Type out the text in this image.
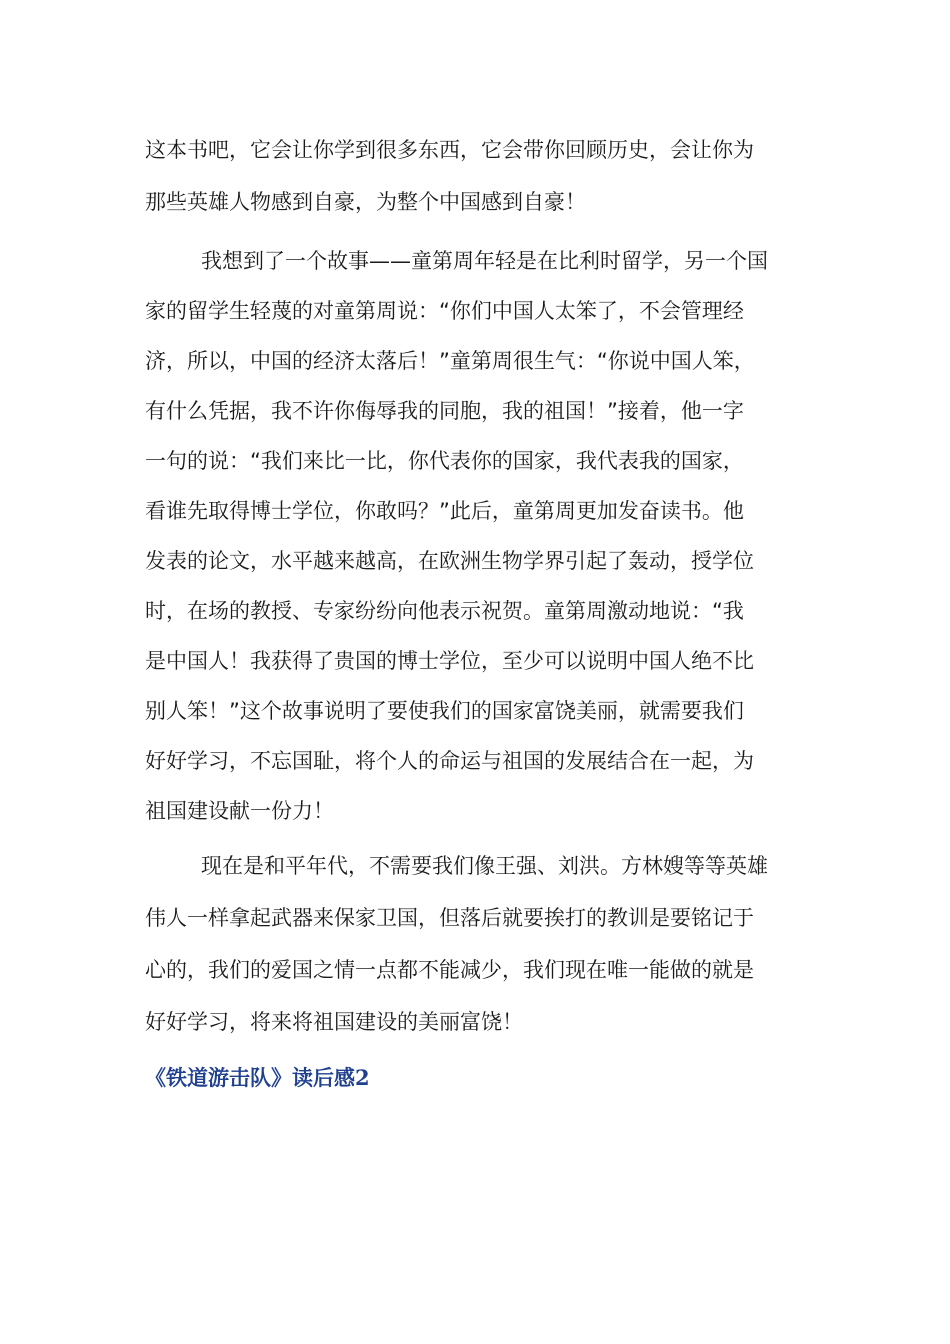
这本书吧，它会让你学到很多东西，它会带你回顾历史，会让你为
那些英雄人物感到自豪，为整个中国感到自豪！
我想到了一个故事——童第周年轻是在比利时留学，另一个国
家的留学生轻蔑的对童第周说：“你们中国人太笨了，不会管理经
济，所以，中国的经济太落后！”童第周很生气：“你说中国人笨，
有什么凭据，我不许你侮辱我的同胞，我的祖国！”接着，他一字
一句的说：“我们来比一比，你代表你的国家，我代表我的国家，
看谁先取得博士学位，你敢吗？”此后，童第周更加发奋读书。他
发表的论文，水平越来越高，在欧洲生物学界引起了轰动，授学位
时，在场的教授、专家纷纷向他表示祝贺。童第周激动地说：“我
是中国人！我获得了贵国的博士学位，至少可以说明中国人绝不比
别人笨！”这个故事说明了要使我们的国家富饶美丽，就需要我们
好好学习，不忘国耻，将个人的命运与祖国的发展结合在一起，为
祖国建设献一份力！
现在是和平年代，不需要我们像王强、刘洪。方林嫂等等英雄
伟人一样拿起武器来保家卫国，但落后就要挨打的教训是要铭记于
心的，我们的爱国之情一点都不能减少，我们现在唯一能做的就是
好好学习，将来将祖国建设的美丽富饶！
《铁道游击队》读后感2
